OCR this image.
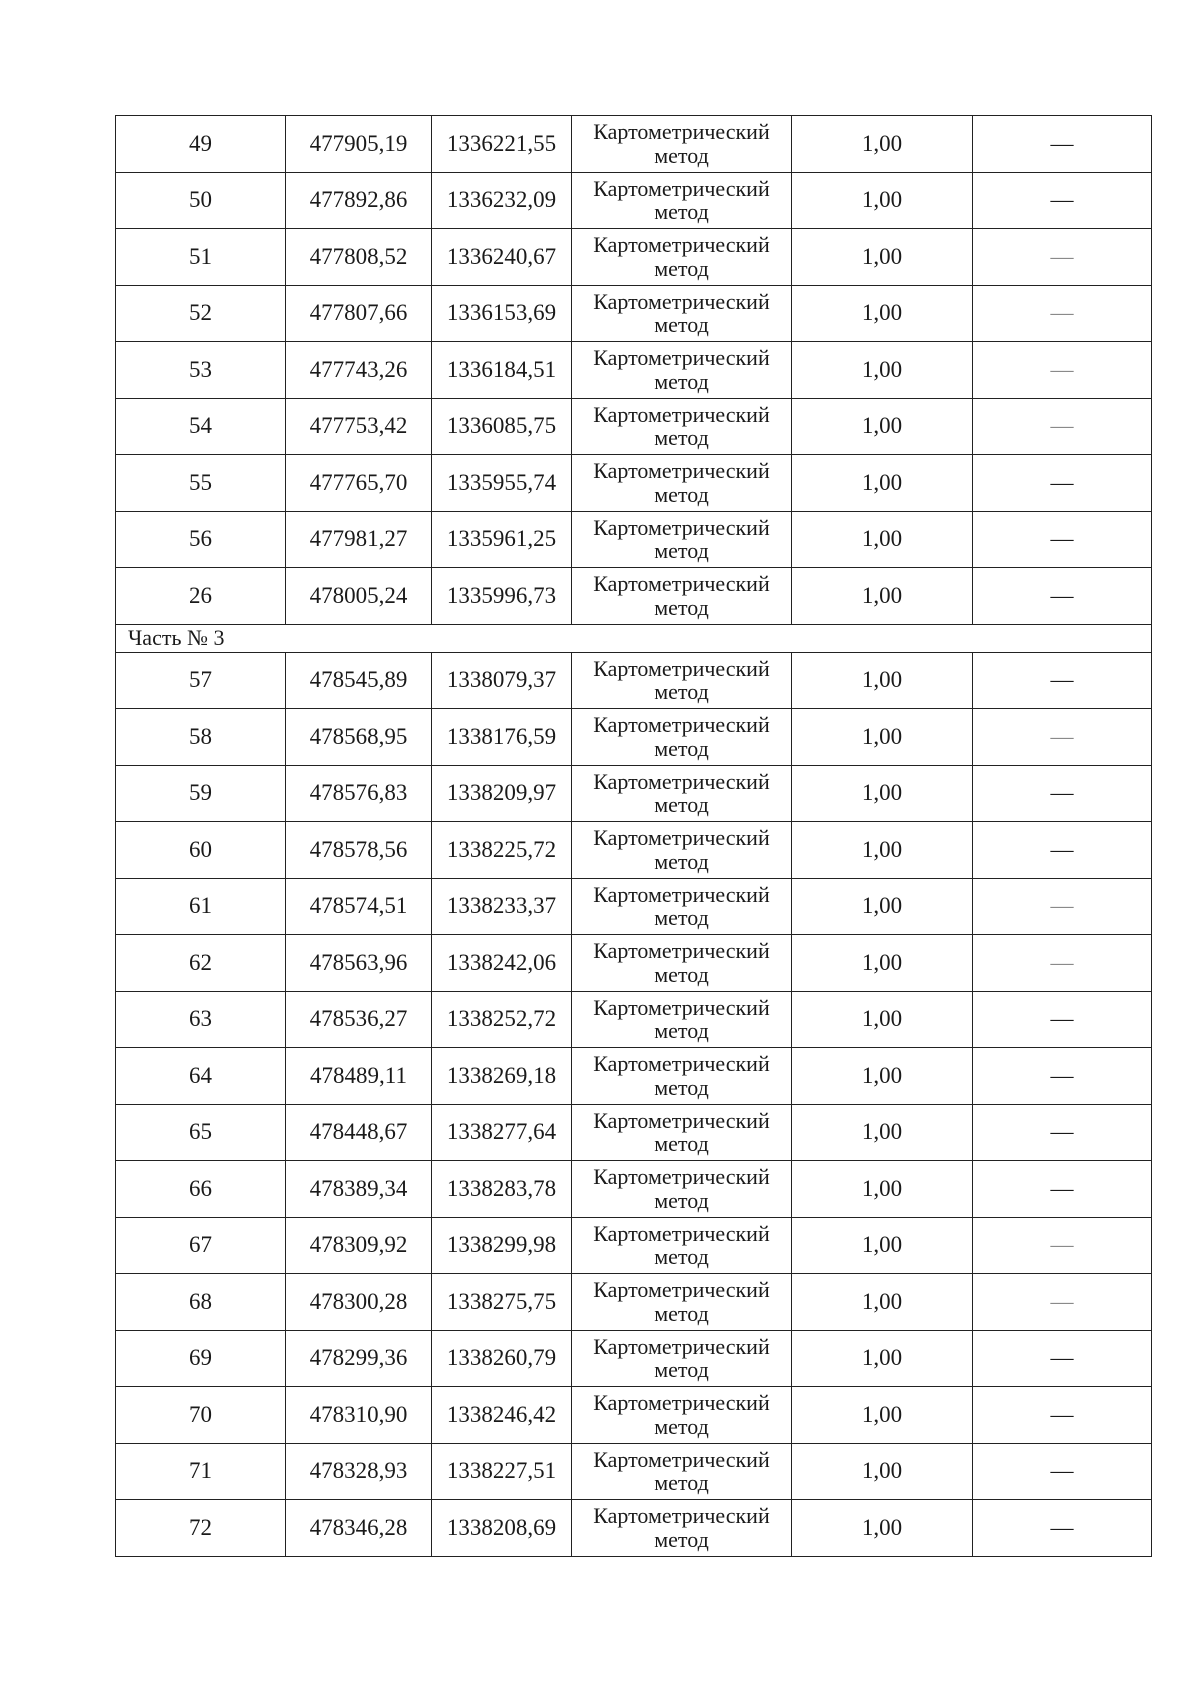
49	477905,19	1336221,55	Картометрический метод	1,00	—
50	477892,86	1336232,09	Картометрический метод	1,00	—
51	477808,52	1336240,67	Картометрический метод	1,00	—
52	477807,66	1336153,69	Картометрический метод	1,00	—
53	477743,26	1336184,51	Картометрический метод	1,00	—
54	477753,42	1336085,75	Картометрический метод	1,00	—
55	477765,70	1335955,74	Картометрический метод	1,00	—
56	477981,27	1335961,25	Картометрический метод	1,00	—
26	478005,24	1335996,73	Картометрический метод	1,00	—
Часть № 3					
57	478545,89	1338079,37	Картометрический метод	1,00	—
58	478568,95	1338176,59	Картометрический метод	1,00	—
59	478576,83	1338209,97	Картометрический метод	1,00	—
60	478578,56	1338225,72	Картометрический метод	1,00	—
61	478574,51	1338233,37	Картометрический метод	1,00	—
62	478563,96	1338242,06	Картометрический метод	1,00	—
63	478536,27	1338252,72	Картометрический метод	1,00	—
64	478489,11	1338269,18	Картометрический метод	1,00	—
65	478448,67	1338277,64	Картометрический метод	1,00	—
66	478389,34	1338283,78	Картометрический метод	1,00	—
67	478309,92	1338299,98	Картометрический метод	1,00	—
68	478300,28	1338275,75	Картометрический метод	1,00	—
69	478299,36	1338260,79	Картометрический метод	1,00	—
70	478310,90	1338246,42	Картометрический метод	1,00	—
71	478328,93	1338227,51	Картометрический метод	1,00	—
72	478346,28	1338208,69	Картометрический метод	1,00	—
